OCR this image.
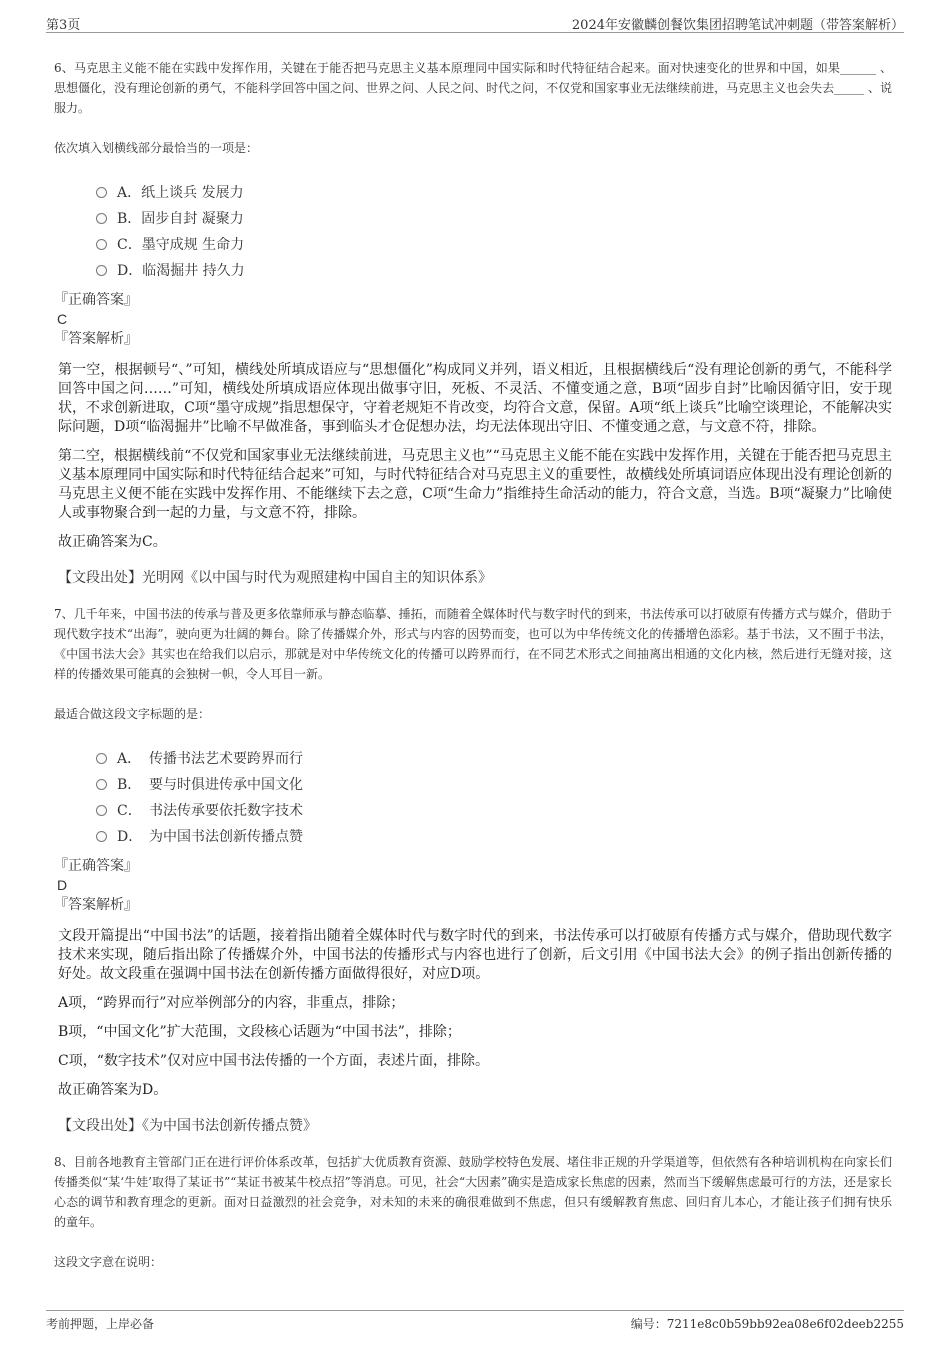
第3页	2024年安徽麟创餐饮集团招聘笔试冲刺题（带答案解析）

6、马克思主义能不能在实践中发挥作用，关键在于能否把马克思主义基本原理同中国实际和时代特征结合起来。面对快速变化的世界和中国，如果______ 、思想僵化，没有理论创新的勇气，不能科学回答中国之问、世界之问、人民之问、时代之问，不仅党和国家事业无法继续前进，马克思主义也会失去_____ 、说服力。

依次填入划横线部分最恰当的一项是：

A．纸上谈兵 发展力
B．固步自封 凝聚力
C．墨守成规 生命力
D．临渴掘井 持久力

『正确答案』

C

『答案解析』

第一空，根据顿号“、”可知，横线处所填成语应与“思想僵化”构成同义并列，语义相近，且根据横线后“没有理论创新的勇气，不能科学回答中国之问……”可知，横线处所填成语应体现出做事守旧，死板、不灵活、不懂变通之意，B项“固步自封”比喻因循守旧，安于现状，不求创新进取，C项“墨守成规”指思想保守，守着老规矩不肯改变，均符合文意，保留。A项“纸上谈兵”比喻空谈理论，不能解决实际问题，D项“临渴掘井”比喻不早做准备，事到临头才仓促想办法，均无法体现出守旧、不懂变通之意，与文意不符，排除。

第二空，根据横线前“不仅党和国家事业无法继续前进，马克思主义也”“马克思主义能不能在实践中发挥作用，关键在于能否把马克思主义基本原理同中国实际和时代特征结合起来”可知，与时代特征结合对马克思主义的重要性，故横线处所填词语应体现出没有理论创新的马克思主义便不能在实践中发挥作用、不能继续下去之意，C项“生命力”指维持生命活动的能力，符合文意，当选。B项“凝聚力”比喻使人或事物聚合到一起的力量，与文意不符，排除。

故正确答案为C。

【文段出处】光明网《以中国与时代为观照建构中国自主的知识体系》

7、几千年来，中国书法的传承与普及更多依靠师承与静态临摹、捶拓，而随着全媒体时代与数字时代的到来，书法传承可以打破原有传播方式与媒介，借助于现代数字技术“出海”，驶向更为壮阔的舞台。除了传播媒介外，形式与内容的因势而变，也可以为中华传统文化的传播增色添彩。基于书法，又不囿于书法，《中国书法大会》其实也在给我们以启示，那就是对中华传统文化的传播可以跨界而行，在不同艺术形式之间抽离出相通的文化内核，然后进行无缝对接，这样的传播效果可能真的会独树一帜，令人耳目一新。

最适合做这段文字标题的是：

A． 传播书法艺术要跨界而行
B． 要与时俱进传承中国文化
C． 书法传承要依托数字技术
D． 为中国书法创新传播点赞

『正确答案』

D

『答案解析』

文段开篇提出“中国书法”的话题，接着指出随着全媒体时代与数字时代的到来，书法传承可以打破原有传播方式与媒介，借助现代数字技术来实现，随后指出除了传播媒介外，中国书法的传播形式与内容也进行了创新，后文引用《中国书法大会》的例子指出创新传播的好处。故文段重在强调中国书法在创新传播方面做得很好，对应D项。

A项，“跨界而行”对应举例部分的内容，非重点，排除；

B项，“中国文化”扩大范围，文段核心话题为“中国书法”，排除；

C项，“数字技术”仅对应中国书法传播的一个方面，表述片面，排除。

故正确答案为D。

【文段出处】《为中国书法创新传播点赞》

8、目前各地教育主管部门正在进行评价体系改革，包括扩大优质教育资源、鼓励学校特色发展、堵住非正规的升学渠道等，但依然有各种培训机构在向家长们传播类似“某‘牛娃’取得了某证书”“某证书被某牛校点招”等消息。可见，社会“大因素”确实是造成家长焦虑的因素，然而当下缓解焦虑最可行的方法，还是家长心态的调节和教育理念的更新。面对日益激烈的社会竞争，对未知的未来的确很难做到不焦虑，但只有缓解教育焦虑、回归育儿本心，才能让孩子们拥有快乐的童年。

这段文字意在说明：

考前押题，上岸必备	编号：7211e8c0b59bb92ea08e6f02deeb2255
